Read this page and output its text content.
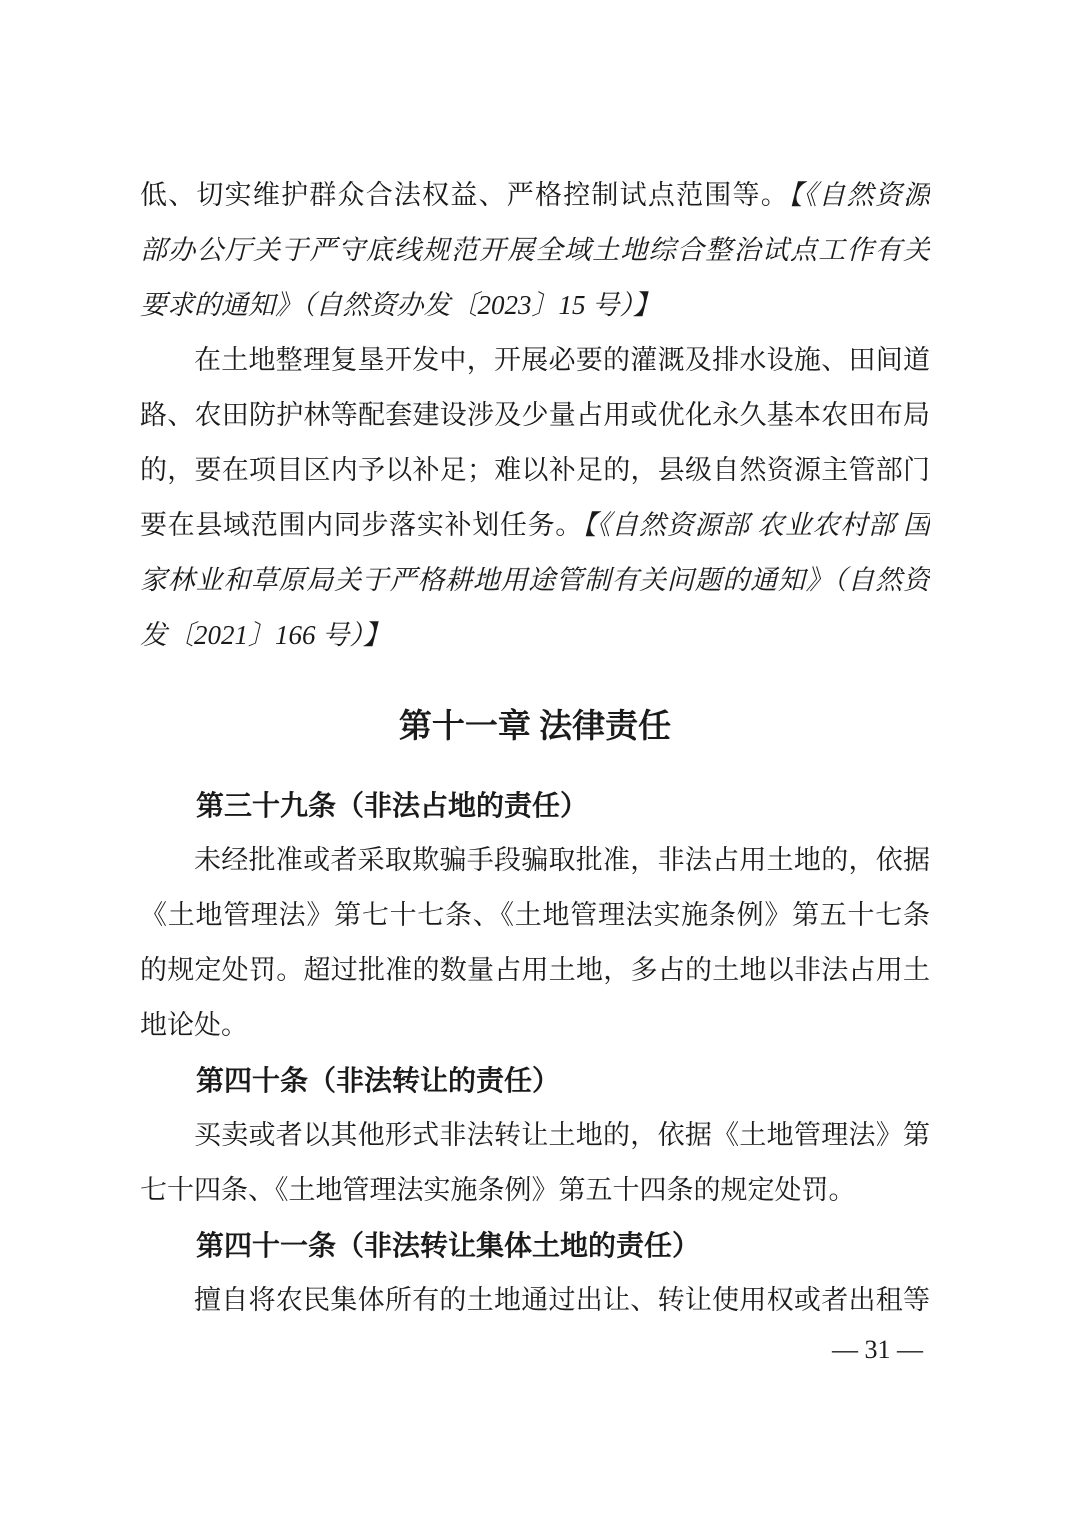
低、切实维护群众合法权益、严格控制试点范围等。【《自然资源
部办公厅关于严守底线规范开展全域土地综合整治试点工作有关
要求的通知》（自然资办发〔2023〕15 号）】
在土地整理复垦开发中，开展必要的灌溉及排水设施、田间道
路、农田防护林等配套建设涉及少量占用或优化永久基本农田布局
的，要在项目区内予以补足；难以补足的，县级自然资源主管部门
要在县域范围内同步落实补划任务。【《自然资源部 农业农村部 国
家林业和草原局关于严格耕地用途管制有关问题的通知》（自然资
发〔2021〕166 号）】
第十一章 法律责任
第三十九条（非法占地的责任）
未经批准或者采取欺骗手段骗取批准，非法占用土地的，依据
《土地管理法》第七十七条、《土地管理法实施条例》第五十七条
的规定处罚。超过批准的数量占用土地，多占的土地以非法占用土
地论处。
第四十条（非法转让的责任）
买卖或者以其他形式非法转让土地的，依据《土地管理法》第
七十四条、《土地管理法实施条例》第五十四条的规定处罚。
第四十一条（非法转让集体土地的责任）
擅自将农民集体所有的土地通过出让、转让使用权或者出租等
— 31 —
